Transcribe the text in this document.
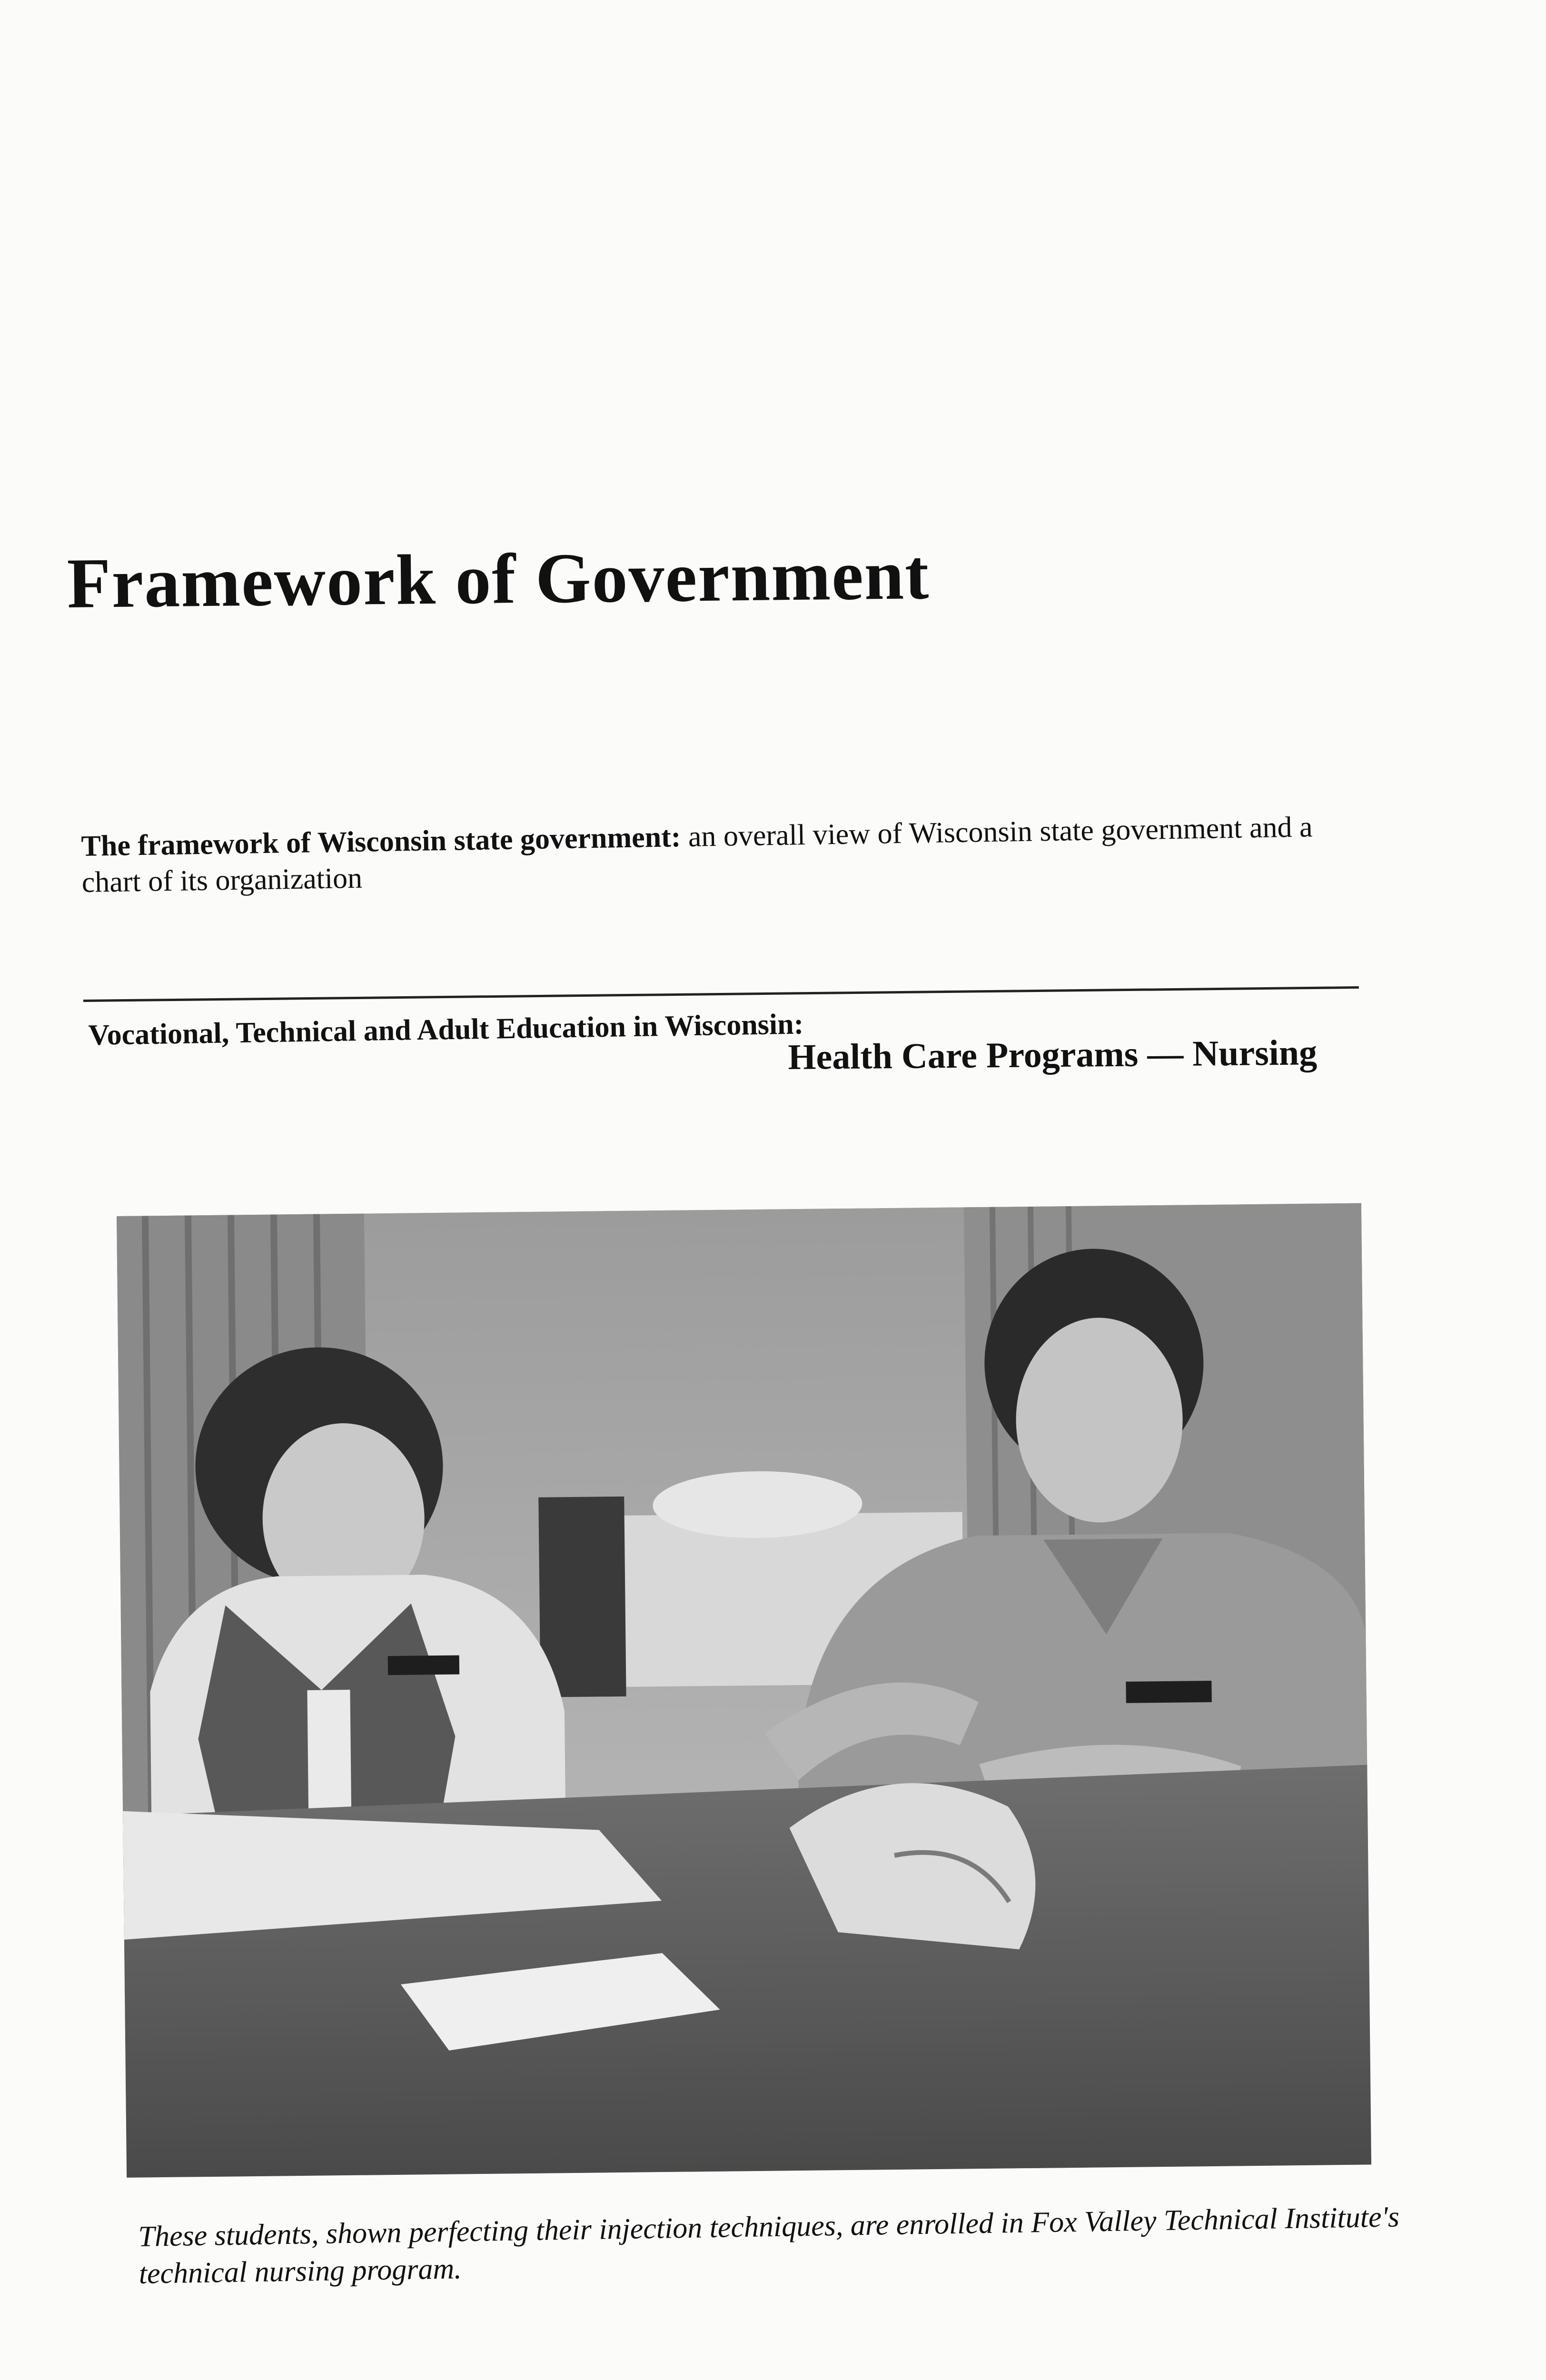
Framework of Government
The framework of Wisconsin state government: an overall view of Wisconsin state government and a chart of its organization
Vocational, Technical and Adult Education in Wisconsin:
Health Care Programs — Nursing
These students, shown perfecting their injection techniques, are enrolled in Fox Valley Technical Institute's technical nursing program.
